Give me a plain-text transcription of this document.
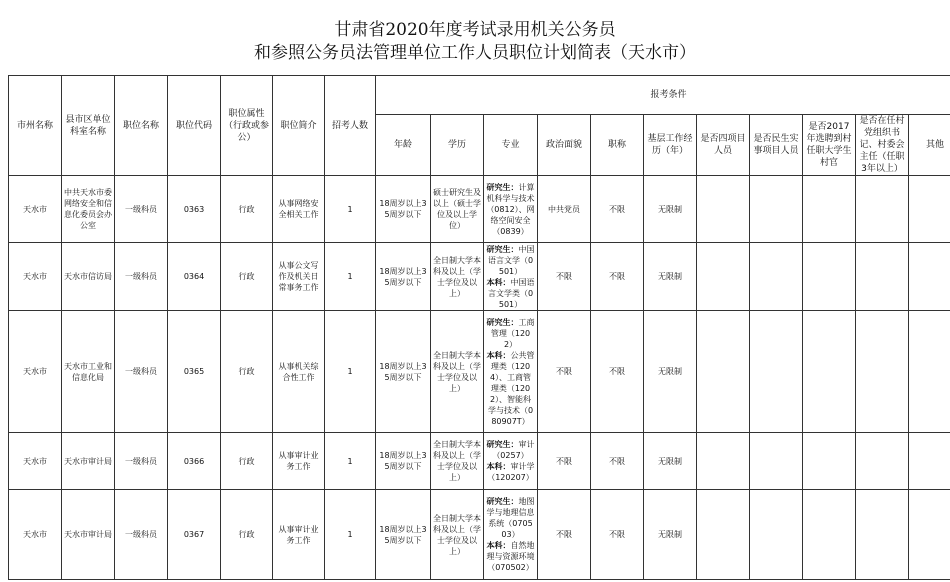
甘肃省2020年度考试录用机关公务员
和参照公务员法管理单位工作人员职位计划简表（天水市）
市州名称	县市区单位科室名称	职位名称	职位代码	职位属性（行政或参公）	职位简介	招考人数	报考条件										
							年龄	学历	专业	政治面貌	职称	基层工作经历（年）	是否四项目人员	是否民生实事项目人员	是否2017年选聘到村任职大学生村官	是否在任村党组织书记、村委会主任（任职3年以上）	其他
天水市	中共天水市委网络安全和信息化委员会办公室	一级科员	0363	行政	从事网络安全相关工作	1	18周岁以上35周岁以下	硕士研究生及以上（硕士学位及以上学位）	研究生：计算机科学与技术（0812）、网络空间安全（0839）	中共党员	不限	无限制					
天水市	天水市信访局	一级科员	0364	行政	从事公文写作及机关日常事务工作	1	18周岁以上35周岁以下	全日制大学本科及以上（学士学位及以上）	研究生：中国语言文学（0501）
本科：中国语言文学类（0501）	不限	不限	无限制					
天水市	天水市工业和信息化局	一级科员	0365	行政	从事机关综合性工作	1	18周岁以上35周岁以下	全日制大学本科及以上（学士学位及以上）	研究生：工商管理（1202）
本科：公共管理类（1204）、工商管理类（1202）、智能科学与技术（080907T）	不限	不限	无限制					
天水市	天水市审计局	一级科员	0366	行政	从事审计业务工作	1	18周岁以上35周岁以下	全日制大学本科及以上（学士学位及以上）	研究生：审计（0257）
本科：审计学（120207）	不限	不限	无限制					
天水市	天水市审计局	一级科员	0367	行政	从事审计业务工作	1	18周岁以上35周岁以下	全日制大学本科及以上（学士学位及以上）	研究生：地图学与地理信息系统（070503）
本科：自然地理与资源环境（070502）	不限	不限	无限制					
